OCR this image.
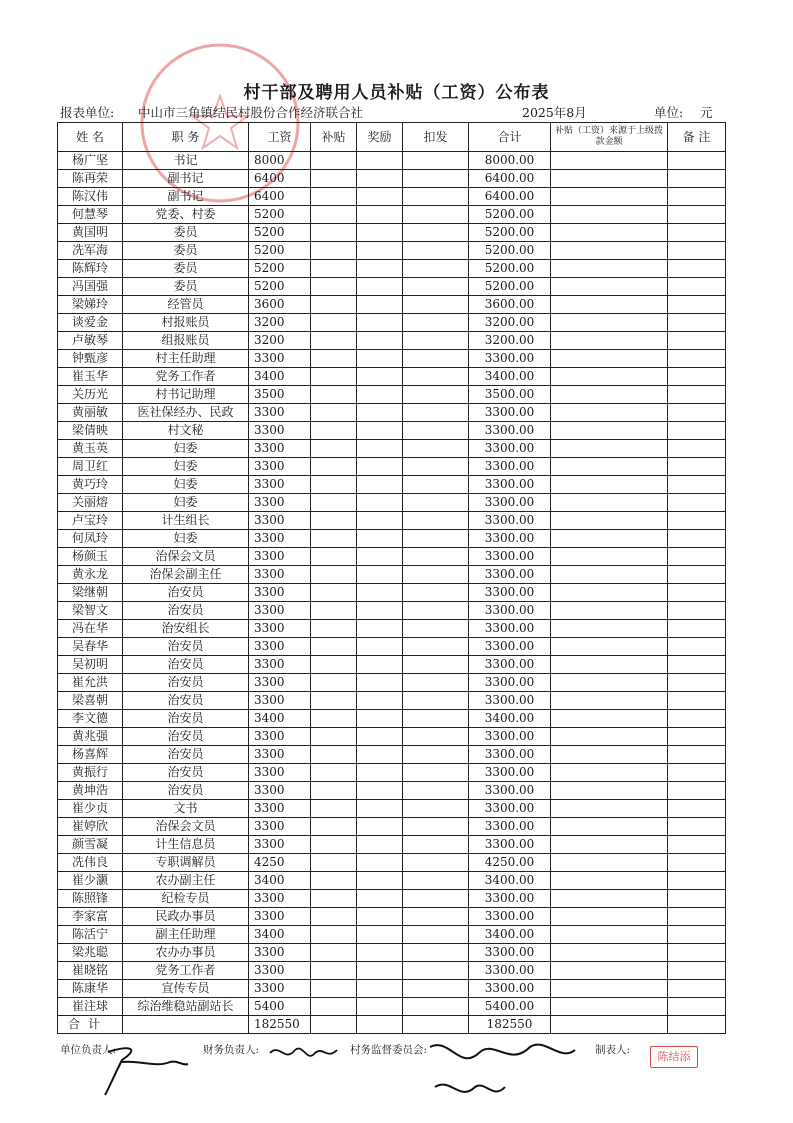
村干部及聘用人员补贴（工资）公布表
报表单位: 中山市三角镇结民村股份合作经济联合社	2025年8月	单位: 元
姓 名	职 务	工资	补贴	奖励	扣发	合计	补贴（工资）来源于上级拨款金额	备 注
杨广坚	书记	8000				8000.00		
陈再荣	副书记	6400				6400.00		
陈汉伟	副书记	6400				6400.00		
何慧琴	党委、村委	5200				5200.00		
黄国明	委员	5200				5200.00		
冼军海	委员	5200				5200.00		
陈辉玲	委员	5200				5200.00		
冯国强	委员	5200				5200.00		
梁娣玲	经管员	3600				3600.00		
谈爱金	村报账员	3200				3200.00		
卢敏琴	组报账员	3200				3200.00		
钟甄彦	村主任助理	3300				3300.00		
崔玉华	党务工作者	3400				3400.00		
关历光	村书记助理	3500				3500.00		
黄丽敏	医社保经办、民政	3300				3300.00		
梁倩映	村文秘	3300				3300.00		
黄玉英	妇委	3300				3300.00		
周卫红	妇委	3300				3300.00		
黄巧玲	妇委	3300				3300.00		
关丽熔	妇委	3300				3300.00		
卢宝玲	计生组长	3300				3300.00		
何凤玲	妇委	3300				3300.00		
杨颜玉	治保会文员	3300				3300.00		
黄永龙	治保会副主任	3300				3300.00		
梁继朝	治安员	3300				3300.00		
梁智文	治安员	3300				3300.00		
冯在华	治安组长	3300				3300.00		
吴春华	治安员	3300				3300.00		
吴初明	治安员	3300				3300.00		
崔允洪	治安员	3300				3300.00		
梁喜朝	治安员	3300				3300.00		
李文德	治安员	3400				3400.00		
黄兆强	治安员	3300				3300.00		
杨喜辉	治安员	3300				3300.00		
黄振行	治安员	3300				3300.00		
黄坤浩	治安员	3300				3300.00		
崔少贞	文书	3300				3300.00		
崔婷欣	治保会文员	3300				3300.00		
颜雪凝	计生信息员	3300				3300.00		
冼伟良	专职调解员	4250				4250.00		
崔少灏	农办副主任	3400				3400.00		
陈照锋	纪检专员	3300				3300.00		
李家富	民政办事员	3300				3300.00		
陈活宁	副主任助理	3400				3400.00		
梁兆聪	农办办事员	3300				3300.00		
崔晓铭	党务工作者	3300				3300.00		
陈康华	宣传专员	3300				3300.00		
崔注球	综治维稳站副站长	5400				5400.00		
合计		182550				182550		
单位负责人:	财务负责人:	村务监督委员会:	制表人:	陈结添
